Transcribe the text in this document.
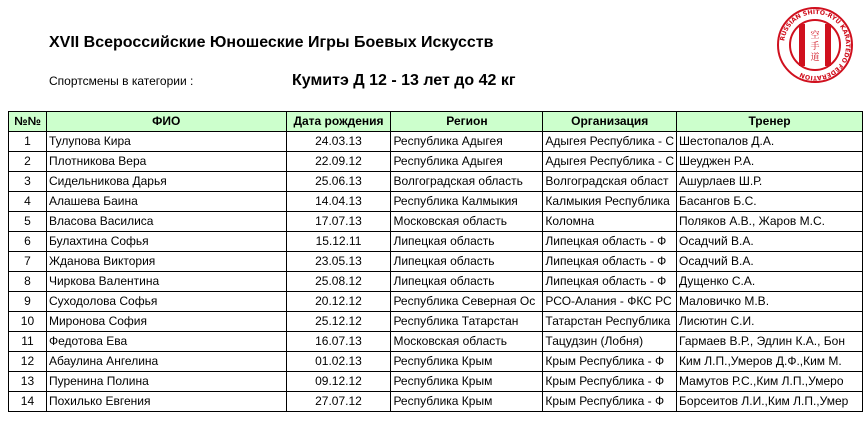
XVII Всероссийские Юношеские Игры Боевых Искусств
Спортсмены в категории :	Кумитэ Д 12 - 13 лет до 42 кг
RUSSIAN SHITO-RYU KARATEDO FEDERATION
空
手
道
№№	ФИО	Дата рождения	Регион	Организация	Тренер
1	Тулупова Кира	24.03.13	Республика Адыгея	Адыгея Республика - С	Шестопалов Д.А.
2	Плотникова Вера	22.09.12	Республика Адыгея	Адыгея Республика - С	Шеуджен Р.А.
3	Сидельникова Дарья	25.06.13	Волгоградская область	Волгоградская област	Ашурлаев Ш.Р.
4	Алашева Баина	14.04.13	Республика Калмыкия	Калмыкия Республика	Басангов Б.С.
5	Власова Василиса	17.07.13	Московская область	Коломна	Поляков А.В., Жаров М.С.
6	Булахтина Софья	15.12.11	Липецкая область	Липецкая область - Ф	Осадчий В.А.
7	Жданова Виктория	23.05.13	Липецкая область	Липецкая область - Ф	Осадчий В.А.
8	Чиркова Валентина	25.08.12	Липецкая область	Липецкая область - Ф	Дущенко С.А.
9	Суходолова Софья	20.12.12	Республика Северная Ос	РСО-Алания - ФКС РС	Маловичко М.В.
10	Миронова София	25.12.12	Республика Татарстан	Татарстан Республика	Лисютин С.И.
11	Федотова Ева	16.07.13	Московская область	Тацудзин (Лобня)	Гармаев В.Р., Эдлин К.А., Бон
12	Абаулина Ангелина	01.02.13	Республика Крым	Крым Республика - Ф	Ким Л.П.,Умеров Д.Ф.,Ким М.
13	Пуренина Полина	09.12.12	Республика Крым	Крым Республика - Ф	Мамутов Р.С.,Ким Л.П.,Умеро
14	Похилько Евгения	27.07.12	Республика Крым	Крым Республика - Ф	Борсеитов Л.И.,Ким Л.П.,Умер
